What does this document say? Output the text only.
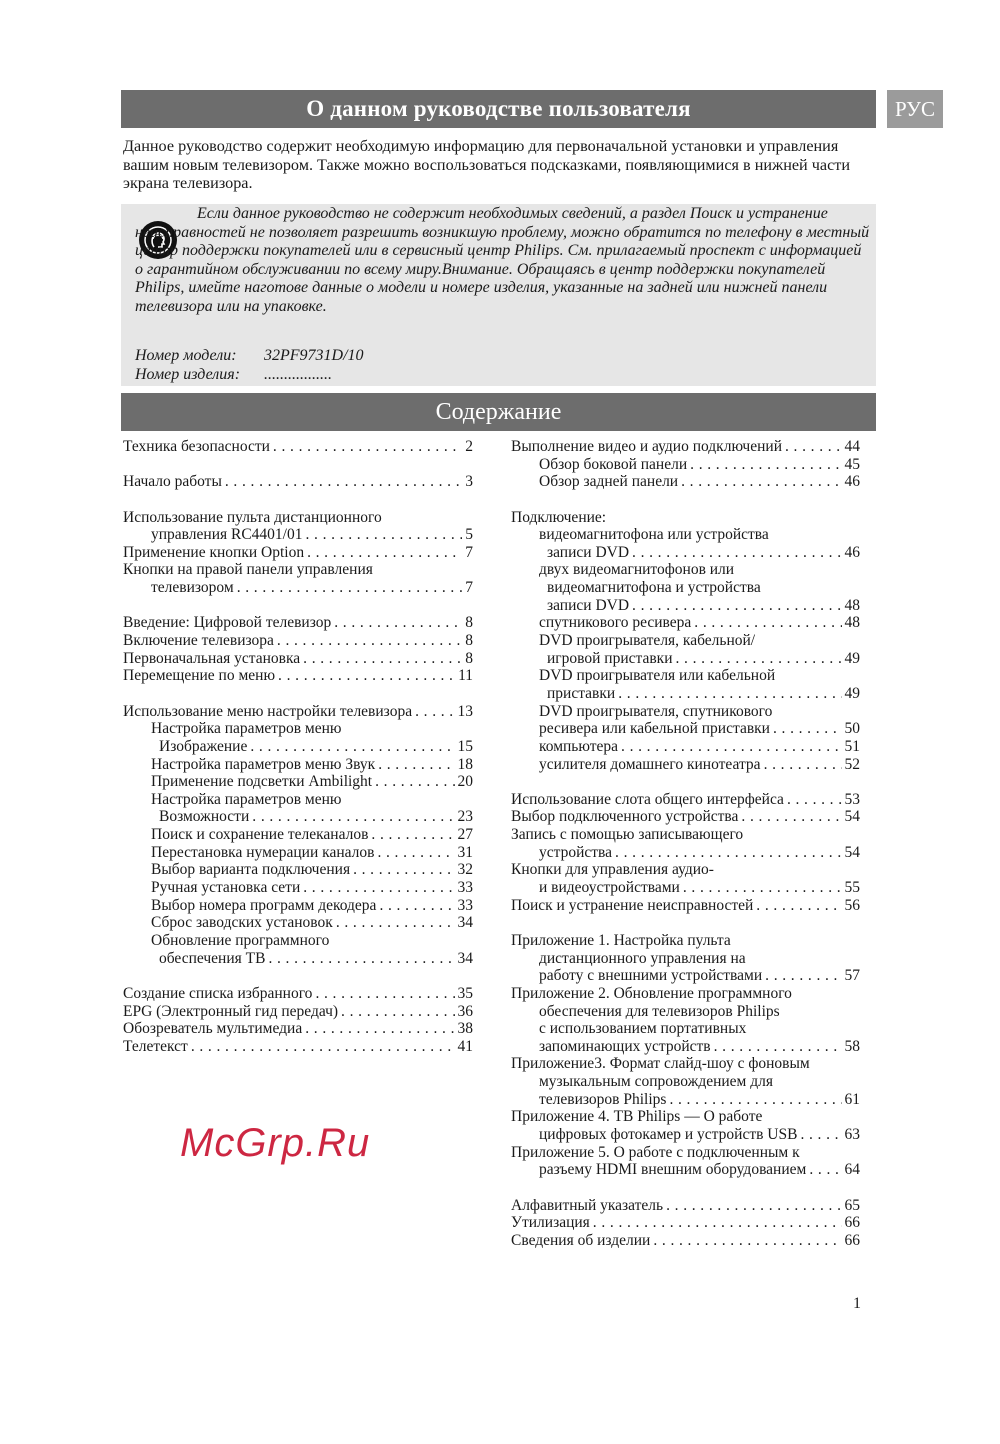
О данном руководстве пользователя	РУС
Данное руководство содержит необходимую информацию для первоначальной установки и управления вашим новым телевизором. Также можно воспользоваться подсказками, появляющимися в нижней части экрана телевизора.
Если данное руководство не содержит необходимых сведений, а раздел Поиск и устранение неисправностей не позволяет разрешить возникшую проблему, можно обратится по телефону в местный центр поддержки покупателей или в сервисный центр Philips. См. прилагаемый проспект с информацией о гарантийном обслуживании по всему миру.Внимание. Обращаясь в центр поддержки покупателей Philips, имейте наготове данные о модели и номере изделия, указанные на задней или нижней панели телевизора или на упаковке.
Номер модели:	32PF9731D/10
Номер изделия:	.................
Содержание
Техника безопасности . . .	2
Начало работы . . .	3
Использование пульта дистанционного
управления RC4401/01 . . .	5
Применение кнопки Option . . .	7
Кнопки на правой панели управления
телевизором . . .	7
Введение: Цифровой телевизор . . .	8
Включение телевизора . . .	8
Первоначальная установка . . .	8
Перемещение по меню . . .	11
Использование меню настройки телевизора . . .	13
Настройка параметров меню
Изображение . . .	15
Настройка параметров меню Звук . . .	18
Применение подсветки Ambilight . . .	20
Настройка параметров меню
Возможности . . .	23
Поиск и сохранение телеканалов . . .	27
Перестановка нумерации каналов . . .	31
Выбор варианта подключения . . .	32
Ручная установка сети . . .	33
Выбор номера программ декодера . . .	33
Сброс заводских установок . . .	34
Обновление программного
обеспечения ТВ . . .	34
Создание списка избранного . . .	35
EPG (Электронный гид передач) . . .	36
Обозреватель мультимедиа . . .	38
Телетекст . . .	41
Выполнение видео и аудио подключений . . .	44
Обзор боковой панели . . .	45
Обзор задней панели . . .	46
Подключение:
видеомагнитофона или устройства
записи DVD . . .	46
двух видеомагнитофонов или
видеомагнитофона и устройства
записи DVD . . .	48
спутникового ресивера . . .	48
DVD проигрывателя, кабельной/
игровой приставки . . .	49
DVD проигрывателя или кабельной
приставки . . .	49
DVD проигрывателя, спутникового
ресивера или кабельной приставки . . .	50
компьютера . . .	51
усилителя домашнего кинотеатра . . .	52
Использование слота общего интерфейса . . .	53
Выбор подключенного устройства . . .	54
Запись с помощью записывающего
устройства . . .	54
Кнопки для управления аудио-
и видеоустройствами . . .	55
Поиск и устранение неисправностей . . .	56
Приложение 1. Настройка пульта
дистанционного управления на
работу с внешними устройствами . . .	57
Приложение 2. Обновление программного
обеспечения для телевизоров Philips
с использованием портативных
запоминающих устройств . . .	58
Приложение3. Формат слайд-шоу с фоновым
музыкальным сопровождением для
телевизоров Philips . . .	61
Приложение 4. ТВ Philips — О работе
цифровых фотокамер и устройств USB . . .	63
Приложение 5. О работе с подключенным к
разъему HDMI внешним оборудованием . . . 64
Алфавитный указатель . . .	65
Утилизация . . .	66
Сведения об изделии . . .	66
McGrp.Ru
1
